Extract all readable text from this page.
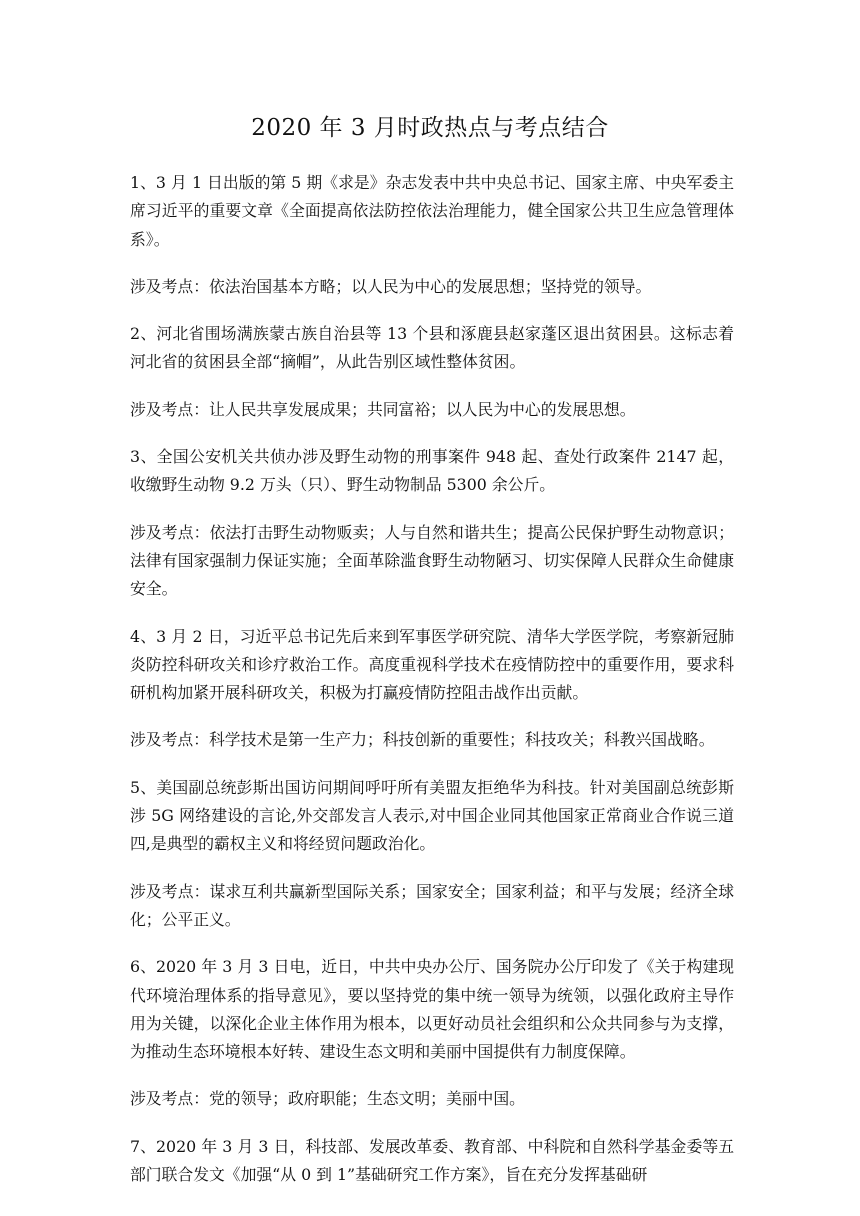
2020 年 3 月时政热点与考点结合

1、3 月 1 日出版的第 5 期《求是》杂志发表中共中央总书记、国家主席、中央军委主席习近平的重要文章《全面提高依法防控依法治理能力，健全国家公共卫生应急管理体系》。

涉及考点：依法治国基本方略；以人民为中心的发展思想；坚持党的领导。

2、河北省围场满族蒙古族自治县等 13 个县和涿鹿县赵家蓬区退出贫困县。这标志着河北省的贫困县全部“摘帽”，从此告别区域性整体贫困。

涉及考点：让人民共享发展成果；共同富裕；以人民为中心的发展思想。

3、全国公安机关共侦办涉及野生动物的刑事案件 948 起、查处行政案件 2147 起，收缴野生动物 9.2 万头（只）、野生动物制品 5300 余公斤。

涉及考点：依法打击野生动物贩卖；人与自然和谐共生；提高公民保护野生动物意识；法律有国家强制力保证实施；全面革除滥食野生动物陋习、切实保障人民群众生命健康安全。

4、3 月 2 日，习近平总书记先后来到军事医学研究院、清华大学医学院，考察新冠肺炎防控科研攻关和诊疗救治工作。高度重视科学技术在疫情防控中的重要作用，要求科研机构加紧开展科研攻关，积极为打赢疫情防控阻击战作出贡献。

涉及考点：科学技术是第一生产力；科技创新的重要性；科技攻关；科教兴国战略。

5、美国副总统彭斯出国访问期间呼吁所有美盟友拒绝华为科技。针对美国副总统彭斯涉 5G 网络建设的言论,外交部发言人表示,对中国企业同其他国家正常商业合作说三道四,是典型的霸权主义和将经贸问题政治化。

涉及考点：谋求互利共赢新型国际关系；国家安全；国家利益；和平与发展；经济全球化；公平正义。

6、2020 年 3 月 3 日电，近日，中共中央办公厅、国务院办公厅印发了《关于构建现代环境治理体系的指导意见》，要以坚持党的集中统一领导为统领，以强化政府主导作用为关键，以深化企业主体作用为根本，以更好动员社会组织和公众共同参与为支撑，为推动生态环境根本好转、建设生态文明和美丽中国提供有力制度保障。

涉及考点：党的领导；政府职能；生态文明；美丽中国。

7、2020 年 3 月 3 日，科技部、发展改革委、教育部、中科院和自然科学基金委等五部门联合发文《加强“从 0 到 1”基础研究工作方案》，旨在充分发挥基础研
